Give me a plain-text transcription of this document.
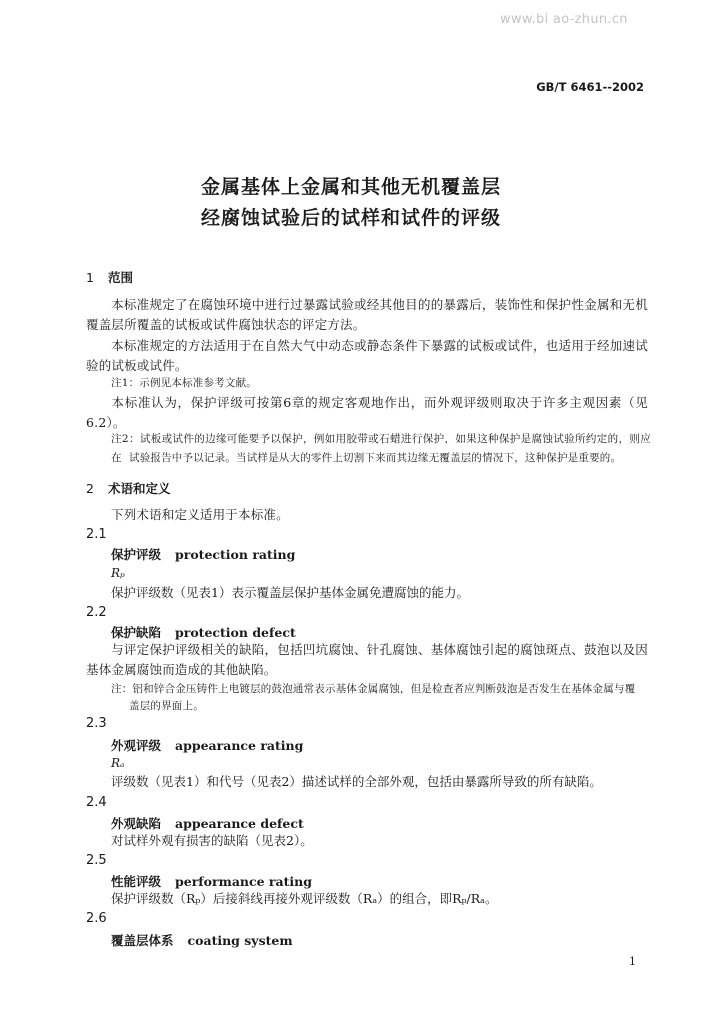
www.bi ao-zhun.cn
GB/T 6461--2002
金属基体上金属和其他无机覆盖层
经腐蚀试验后的试样和试件的评级
1 范围
本标准规定了在腐蚀环境中进行过暴露试验或经其他目的的暴露后，装饰性和保护性金属和无机覆盖层所覆盖的试板或试件腐蚀状态的评定方法。
本标准规定的方法适用于在自然大气中动态或静态条件下暴露的试板或试件，也适用于经加速试验的试板或试件。
注1：示例见本标准参考文献。
本标准认为，保护评级可按第6章的规定客观地作出，而外观评级则取决于许多主观因素（见6.2）。
注2：试板或试件的边缘可能要予以保护，例如用胶带或石蜡进行保护，如果这种保护是腐蚀试验所约定的，则应在 试验报告中予以记录。当试样是从大的零件上切割下来而其边缘无覆盖层的情况下，这种保护是重要的。
2 术语和定义
下列术语和定义适用于本标准。
2.1
保护评级 protection rating
Rₚ
保护评级数（见表1）表示覆盖层保护基体金属免遭腐蚀的能力。
2.2
保护缺陷 protection defect
与评定保护评级相关的缺陷，包括凹坑腐蚀、针孔腐蚀、基体腐蚀引起的腐蚀斑点、鼓泡以及因基体金属腐蚀而造成的其他缺陷。
注：铝和锌合金压铸件上电镀层的鼓泡通常表示基体金属腐蚀，但是检查者应判断鼓泡是否发生在基体金属与覆
盖层的界面上。
2.3
外观评级 appearance rating
Rₐ
评级数（见表1）和代号（见表2）描述试样的全部外观，包括由暴露所导致的所有缺陷。
2.4
外观缺陷 appearance defect
对试样外观有损害的缺陷（见表2）。
2.5
性能评级 performance rating
保护评级数（Rₚ）后接斜线再接外观评级数（Rₐ）的组合，即Rₚ/Rₐ。
2.6
覆盖层体系 coating system
1
